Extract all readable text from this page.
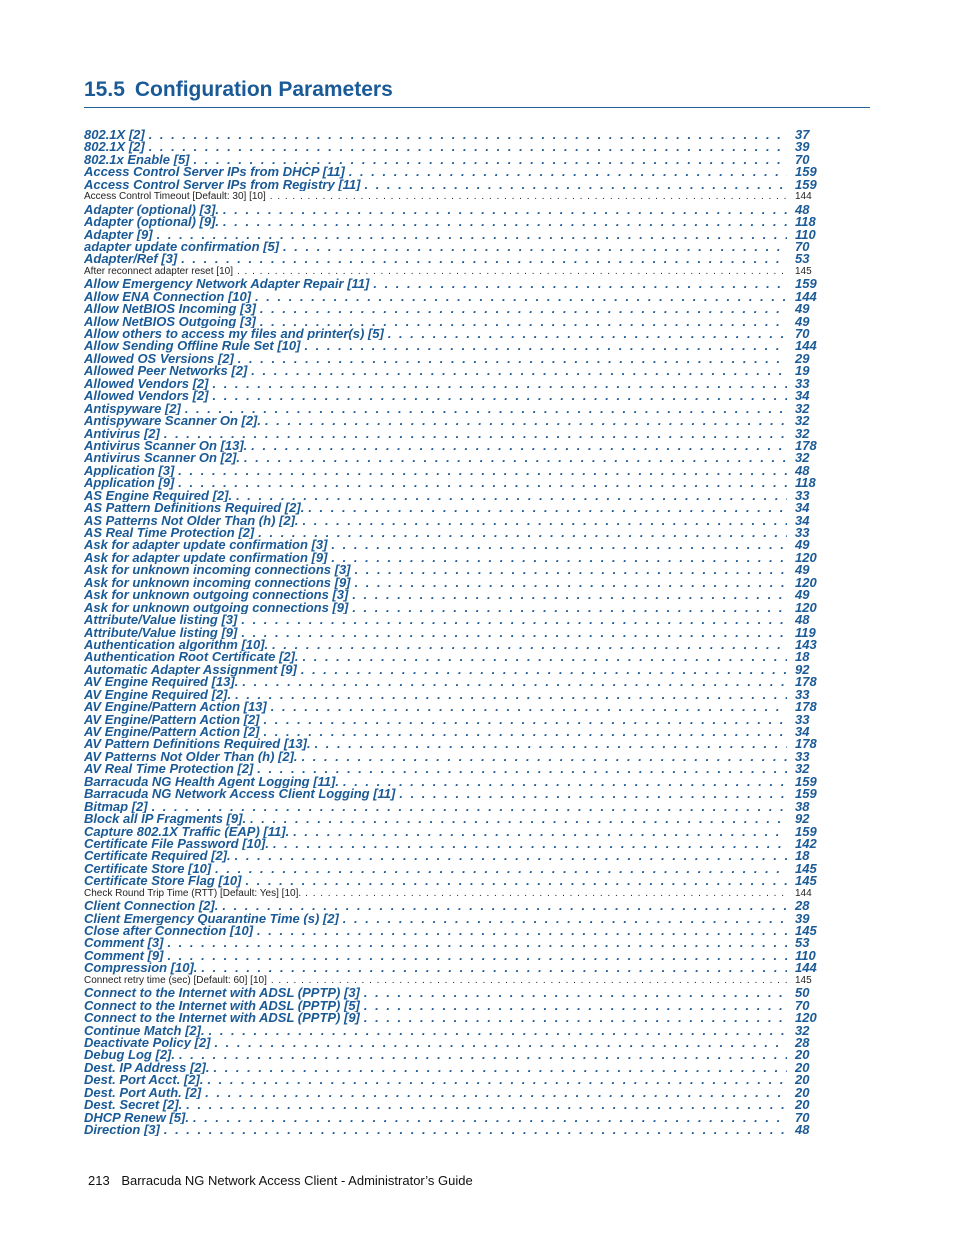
15.5 Configuration Parameters
802.1X [2] . . .	37
802.1X [2] . . .	39
802.1x Enable [5] . . .	70
Access Control Server IPs from DHCP [11] . . .	159
Access Control Server IPs from Registry [11] . . .	159
Access Control Timeout [Default: 30] [10] . . .	144
Adapter (optional) [3]. . . .	48
Adapter (optional) [9]. . . .	118
Adapter [9] . . .	110
adapter update confirmation [5] . . .	70
Adapter/Ref [3] . . .	53
After reconnect adapter reset [10] . . .	145
Allow Emergency Network Adapter Repair [11] . . .	159
Allow ENA Connection [10] . . .	144
Allow NetBIOS Incoming [3] . . .	49
Allow NetBIOS Outgoing [3] . . .	49
Allow others to access my files and printer(s) [5] . . .	70
Allow Sending Offline Rule Set [10] . . .	144
Allowed OS Versions [2] . . .	29
Allowed Peer Networks [2] . . .	19
Allowed Vendors [2] . . .	33
Allowed Vendors [2] . . .	34
Antispyware [2] . . .	32
Antispyware Scanner On [2]. . . .	32
Antivirus [2] . . .	32
Antivirus Scanner On [13]. . . .	178
Antivirus Scanner On [2]. . . .	32
Application [3] . . .	48
Application [9] . . .	118
AS Engine Required [2]. . . .	33
AS Pattern Definitions Required [2]. . . .	34
AS Patterns Not Older Than (h) [2]. . . .	34
AS Real Time Protection [2] . . .	33
Ask for adapter update confirmation [3] . . .	49
Ask for adapter update confirmation [9] . . .	120
Ask for unknown incoming connections [3] . . .	49
Ask for unknown incoming connections [9] . . .	120
Ask for unknown outgoing connections [3] . . .	49
Ask for unknown outgoing connections [9] . . .	120
Attribute/Value listing [3] . . .	48
Attribute/Value listing [9] . . .	119
Authentication algorithm [10]. . . .	143
Authentication Root Certificate [2]. . . .	18
Automatic Adapter Assignment [9] . . .	92
AV Engine Required [13]. . . .	178
AV Engine Required [2]. . . .	33
AV Engine/Pattern Action [13] . . .	178
AV Engine/Pattern Action [2] . . .	33
AV Engine/Pattern Action [2] . . .	34
AV Pattern Definitions Required [13]. . . .	178
AV Patterns Not Older Than (h) [2]. . . .	33
AV Real Time Protection [2] . . .	32
Barracuda NG Health Agent Logging [11]. . . .	159
Barracuda NG Network Access Client Logging [11] . . .	159
Bitmap [2] . . .	38
Block all IP Fragments [9]. . . .	92
Capture 802.1X Traffic (EAP) [11]. . . .	159
Certificate File Password [10]. . . .	142
Certificate Required [2]. . . .	18
Certificate Store [10] . . .	145
Certificate Store Flag [10] . . .	145
Check Round Trip Time (RTT) [Default: Yes] [10]. . . .	144
Client Connection [2]. . . .	28
Client Emergency Quarantine Time (s) [2] . . .	39
Close after Connection [10] . . .	145
Comment [3] . . .	53
Comment [9] . . .	110
Compression [10]. . . .	144
Connect retry time (sec) [Default: 60] [10] . . .	145
Connect to the Internet with ADSL (PPTP) [3] . . .	50
Connect to the Internet with ADSL (PPTP) [5] . . .	70
Connect to the Internet with ADSL (PPTP) [9] . . .	120
Continue Match [2]. . . .	32
Deactivate Policy [2] . . .	28
Debug Log [2]. . . .	20
Dest. IP Address [2]. . . .	20
Dest. Port Acct. [2]. . . .	20
Dest. Port Auth. [2] . . .	20
Dest. Secret [2]. . . .	20
DHCP Renew [5]. . . .	70
Direction [3] . . .	48
213 Barracuda NG Network Access Client - Administrator’s Guide
